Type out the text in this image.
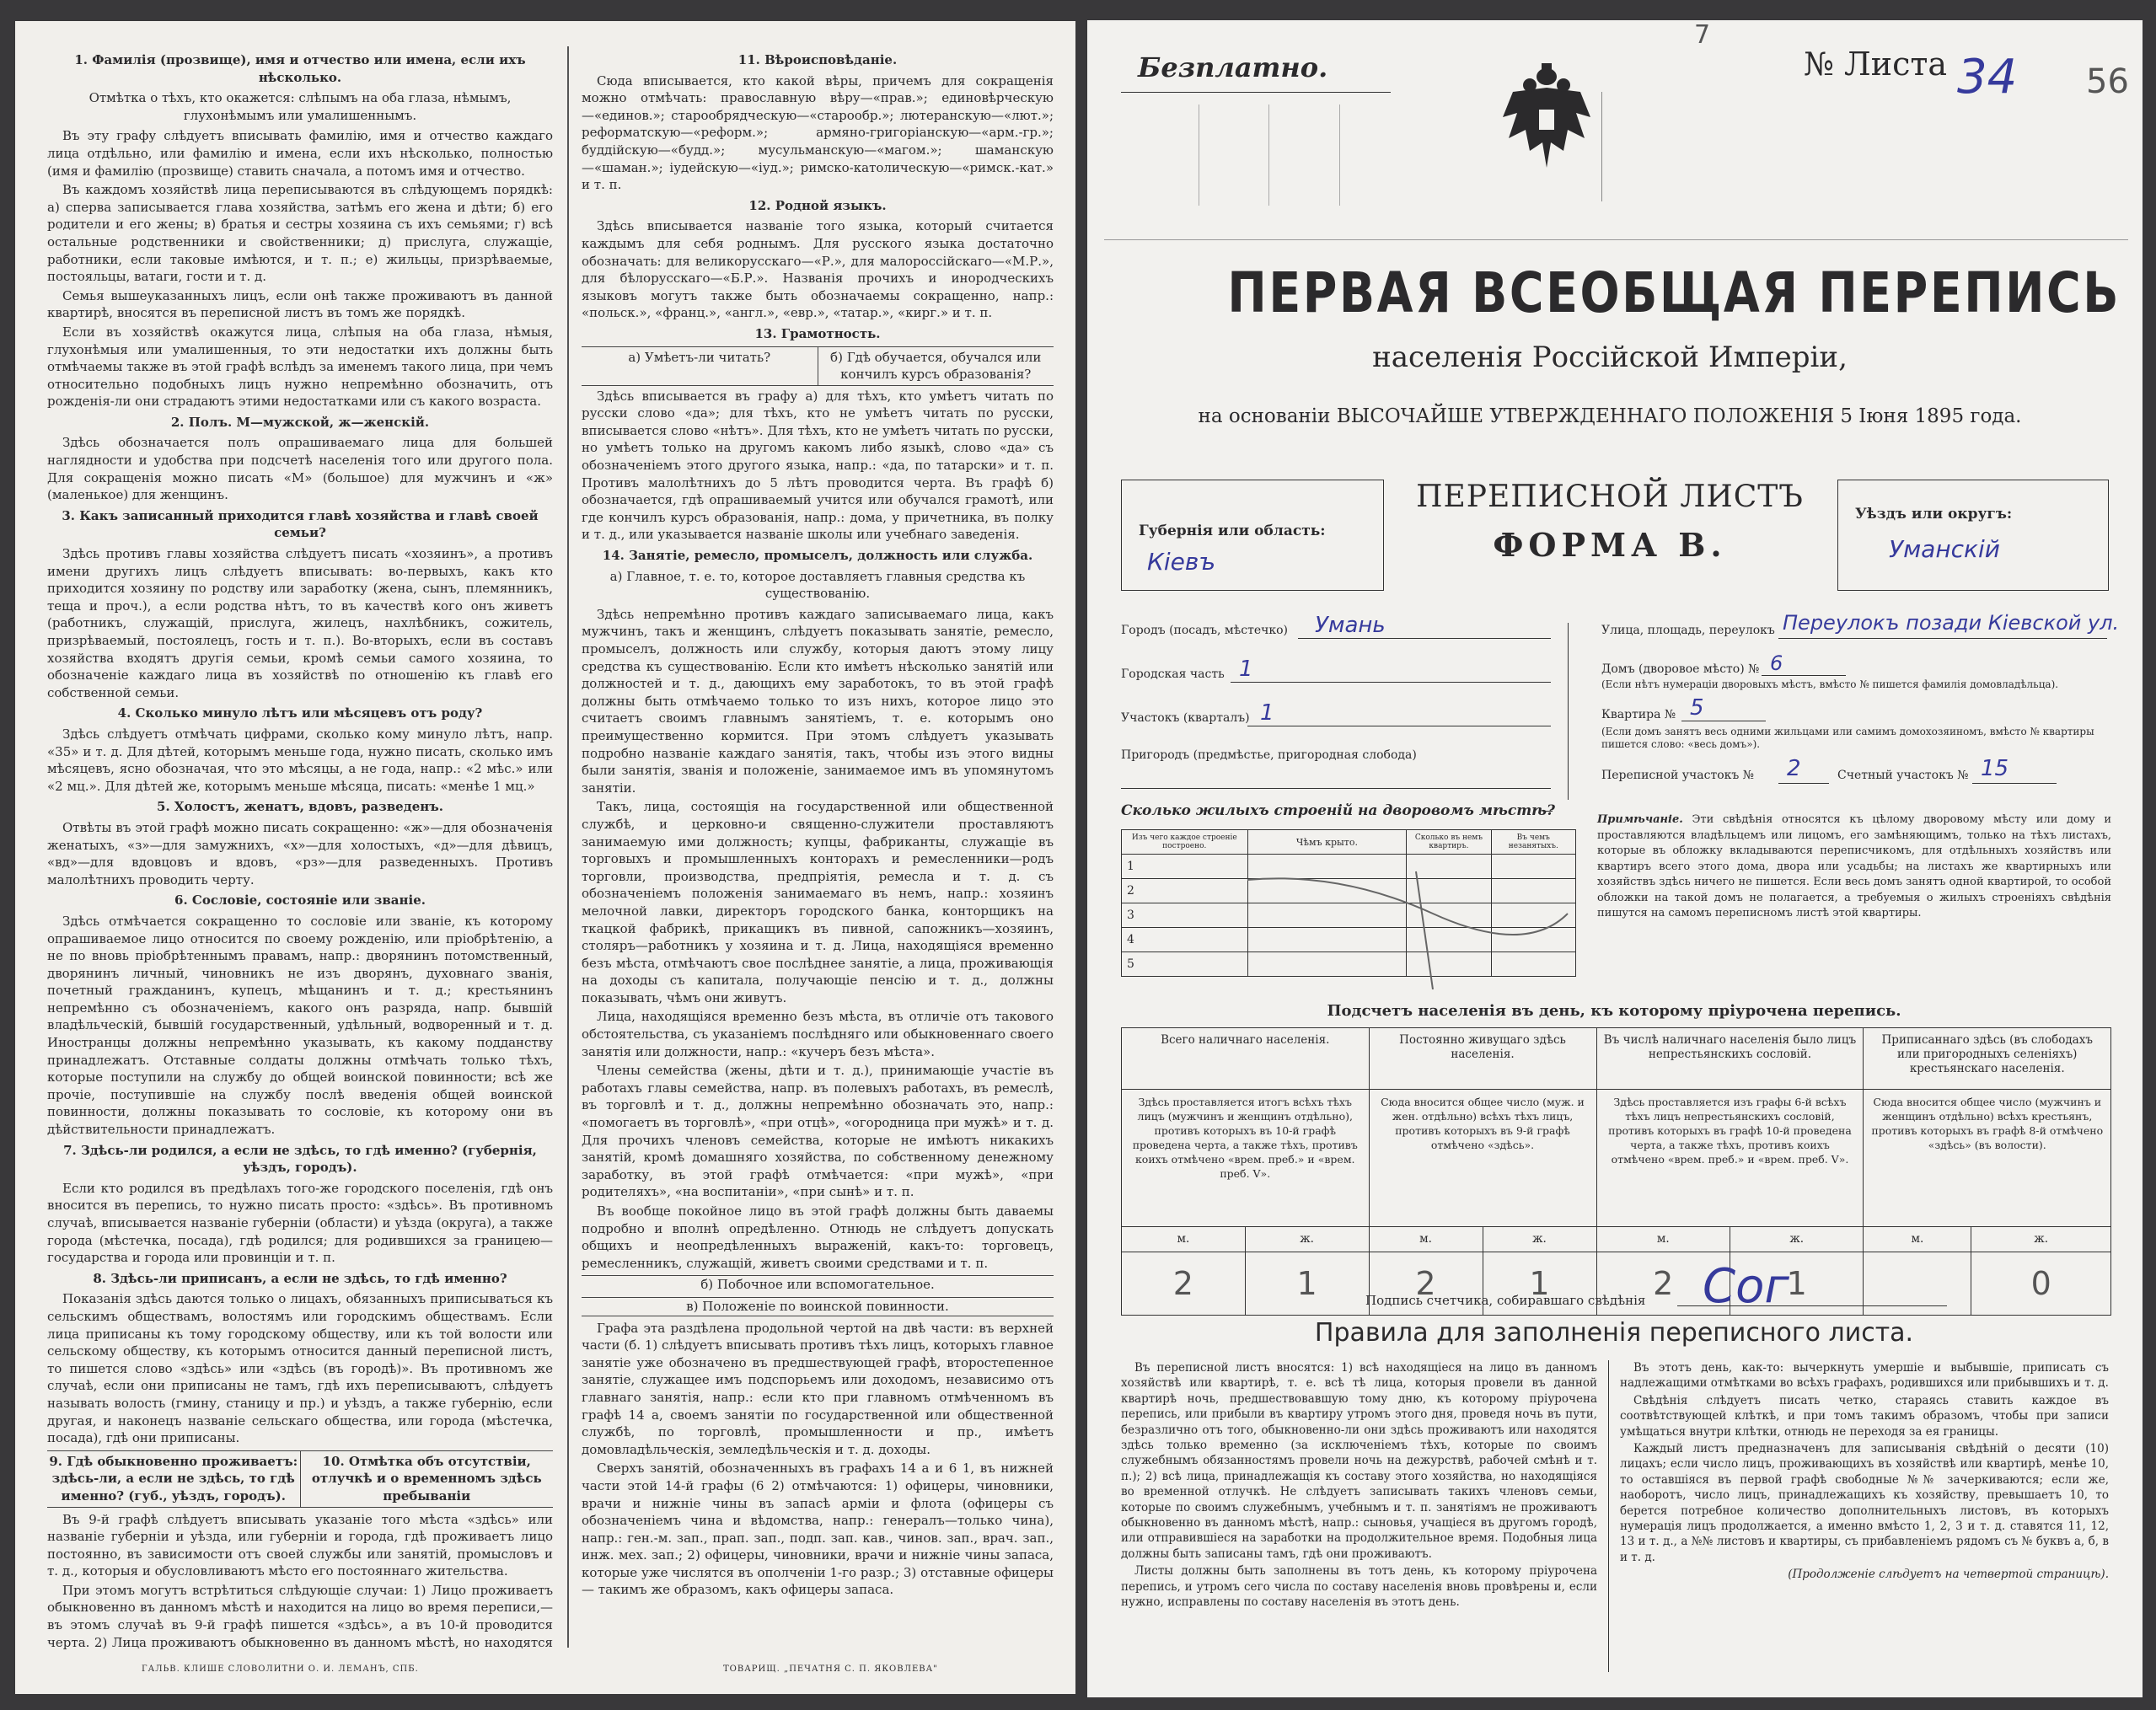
1. Фамилія (прозвище), имя и отчество или имена, если ихъ нѣсколько.

Отмѣтка о тѣхъ, кто окажется: слѣпымъ на оба глаза, нѣмымъ, глухонѣмымъ или умалишеннымъ.

Въ эту графу слѣдуетъ вписывать фамилію, имя и отчество каждаго лица отдѣльно, или фамилію и имена, если ихъ нѣсколько, полностью (имя и фамилію (прозвище) ставить сначала, а потомъ имя и отчество.

Въ каждомъ хозяйствѣ лица переписываются въ слѣдующемъ порядкѣ: а) сперва записывается глава хозяйства, затѣмъ его жена и дѣти; б) его родители и его жены; в) братья и сестры хозяина съ ихъ семьями; г) всѣ остальные родственники и свойственники; д) прислуга, служащіе, работники, если таковые имѣются, и т. п.; е) жильцы, призрѣваемые, постояльцы, ватаги, гости и т. д.

Семья вышеуказанныхъ лицъ, если онѣ также проживаютъ въ данной квартирѣ, вносятся въ переписной листъ въ томъ же порядкѣ.

Если въ хозяйствѣ окажутся лица, слѣпыя на оба глаза, нѣмыя, глухонѣмыя или умалишенныя, то эти недостатки ихъ должны быть отмѣчаемы также въ этой графѣ вслѣдъ за именемъ такого лица, при чемъ относительно подобныхъ лицъ нужно непремѣнно обозначить, отъ рожденія-ли они страдаютъ этими недостатками или съ какого возраста.

2. Полъ. М—мужской, ж—женскій.

Здѣсь обозначается полъ опрашиваемаго лица для большей наглядности и удобства при подсчетѣ населенія того или другого пола. Для сокращенія можно писать «М» (большое) для мужчинъ и «ж» (маленькое) для женщинъ.

3. Какъ записанный приходится главѣ хозяйства и главѣ своей семьи?

Здѣсь противъ главы хозяйства слѣдуетъ писать «хозяинъ», а противъ имени другихъ лицъ слѣдуетъ вписывать: во-первыхъ, какъ кто приходится хозяину по родству или заработку (жена, сынъ, племянникъ, теща и проч.), а если родства нѣтъ, то въ качествѣ кого онъ живетъ (работникъ, служащій, прислуга, жилецъ, нахлѣбникъ, сожитель, призрѣваемый, постоялецъ, гость и т. п.). Во-вторыхъ, если въ составъ хозяйства входятъ другія семьи, кромѣ семьи самого хозяина, то обозначеніе каждаго лица въ хозяйствѣ по отношенію къ главѣ его собственной семьи.

4. Сколько минуло лѣтъ или мѣсяцевъ отъ роду?

Здѣсь слѣдуетъ отмѣчать цифрами, сколько кому минуло лѣтъ, напр. «35» и т. д. Для дѣтей, которымъ меньше года, нужно писать, сколько имъ мѣсяцевъ, ясно обозначая, что это мѣсяцы, а не года, напр.: «2 мѣс.» или «2 мц.». Для дѣтей же, которымъ меньше мѣсяца, писать: «менѣе 1 мц.»

5. Холостъ, женатъ, вдовъ, разведенъ.

Отвѣты въ этой графѣ можно писать сокращенно: «ж»—для обозначенія женатыхъ, «з»—для замужнихъ, «х»—для холостыхъ, «д»—для дѣвицъ, «вд»—для вдовцовъ и вдовъ, «рз»—для разведенныхъ. Противъ малолѣтнихъ проводить черту.

6. Сословіе, состояніе или званіе.

Здѣсь отмѣчается сокращенно то сословіе или званіе, къ которому опрашиваемое лицо относится по своему рожденію, или пріобрѣтенію, а не по вновь пріобрѣтеннымъ правамъ, напр.: дворянинъ потомственный, дворянинъ личный, чиновникъ не изъ дворянъ, духовнаго званія, почетный гражданинъ, купецъ, мѣщанинъ и т. д.; крестьянинъ непремѣнно съ обозначеніемъ, какого онъ разряда, напр. бывшій владѣльческій, бывшій государственный, удѣльный, водворенный и т. д. Иностранцы должны непремѣнно указывать, къ какому подданству принадлежатъ. Отставные солдаты должны отмѣчать только тѣхъ, которые поступили на службу до общей воинской повинности; всѣ же прочіе, поступившіе на службу послѣ введенія общей воинской повинности, должны показывать то сословіе, къ которому они въ дѣйствительности принадлежатъ.

7. Здѣсь-ли родился, а если не здѣсь, то гдѣ именно? (губернія, уѣздъ, городъ).

Если кто родился въ предѣлахъ того-же городского поселенія, гдѣ онъ вносится въ перепись, то нужно писать просто: «здѣсь». Въ противномъ случаѣ, вписывается названіе губерніи (области) и уѣзда (округа), а также города (мѣстечка, посада), гдѣ родился; для родившихся за границею—государства и города или провинціи и т. п.

8. Здѣсь-ли приписанъ, а если не здѣсь, то гдѣ именно?

Показанія здѣсь даются только о лицахъ, обязанныхъ приписываться къ сельскимъ обществамъ, волостямъ или городскимъ обществамъ. Если лица приписаны къ тому городскому обществу, или къ той волости или сельскому обществу, къ которымъ относится данный переписной листъ, то пишется слово «здѣсь» или «здѣсь (въ городѣ)». Въ противномъ же случаѣ, если они приписаны не тамъ, гдѣ ихъ переписываютъ, слѣдуетъ называть волость (гмину, станицу и пр.) и уѣздъ, а также губернію, если другая, и наконецъ названіе сельскаго общества, или города (мѣстечка, посада), гдѣ они приписаны.

9. Гдѣ обыкновенно проживаетъ: здѣсь-ли, а если не здѣсь, то гдѣ именно? (губ., уѣздъ, городъ).
10. Отмѣтка объ отсутствіи, отлучкѣ и о временномъ здѣсь пребываніи

Въ 9-й графѣ слѣдуетъ вписывать указаніе того мѣста «здѣсь» или названіе губерніи и уѣзда, или губерніи и города, гдѣ проживаетъ лицо постоянно, въ зависимости отъ своей службы или занятій, промысловъ и т. д., которыя и обусловливаютъ мѣсто его постояннаго жительства.

При этомъ могутъ встрѣтиться слѣдующіе случаи: 1) Лицо проживаетъ обыкновенно въ данномъ мѣстѣ и находится на лицо во время переписи,—въ этомъ случаѣ въ 9-й графѣ пишется «здѣсь», а въ 10-й проводится черта. 2) Лица проживаютъ обыкновенно въ данномъ мѣстѣ, но находятся

11. Вѣроисповѣданіе.

Сюда вписывается, кто какой вѣры, причемъ для сокращенія можно отмѣчать: православную вѣру—«прав.»; единовѣрческую—«единов.»; старообрядческую—«старообр.»; лютеранскую—«лют.»; реформатскую—«реформ.»; армяно-григоріанскую—«арм.-гр.»; буддійскую—«будд.»; мусульманскую—«магом.»; шаманскую—«шаман.»; іудейскую—«іуд.»; римско-католическую—«римск.-кат.» и т. п.

12. Родной языкъ.

Здѣсь вписывается названіе того языка, который считается каждымъ для себя роднымъ. Для русского языка достаточно обозначать: для великорусскаго—«Р.», для малороссійскаго—«М.Р.», для бѣлорусскаго—«Б.Р.». Названія прочихъ и инородческихъ языковъ могутъ также быть обозначаемы сокращенно, напр.: «польск.», «франц.», «англ.», «евр.», «татар.», «кирг.» и т. п.

13. Грамотность.

а) Умѣетъ-ли читать?	б) Гдѣ обучается, обучался или кончилъ курсъ образованія?

Здѣсь вписывается въ графу а) для тѣхъ, кто умѣетъ читать по русски слово «да»; для тѣхъ, кто не умѣетъ читать по русски, вписывается слово «нѣтъ». Для тѣхъ, кто не умѣетъ читать по русски, но умѣетъ только на другомъ какомъ либо языкѣ, слово «да» съ обозначеніемъ этого другого языка, напр.: «да, по татарски» и т. п. Противъ малолѣтнихъ до 5 лѣтъ проводится черта. Въ графѣ б) обозначается, гдѣ опрашиваемый учится или обучался грамотѣ, или где кончилъ курсъ образованія, напр.: дома, у причетника, въ полку и т. д., или указывается названіе школы или учебнаго заведенія.

14. Занятіе, ремесло, промыселъ, должность или служба.

а) Главное, т. е. то, которое доставляетъ главныя средства къ существованію.

Здѣсь непремѣнно противъ каждаго записываемаго лица, какъ мужчинъ, такъ и женщинъ, слѣдуетъ показывать занятіе, ремесло, промыселъ, должность или службу, которыя даютъ этому лицу средства къ существованію. Если кто имѣетъ нѣсколько занятій или должностей и т. д., дающихъ ему заработокъ, то въ этой графѣ должны быть отмѣчаемо только то изъ нихъ, которое лицо это считаетъ своимъ главнымъ занятіемъ, т. е. которымъ оно преимущественно кормится. При этомъ слѣдуетъ указывать подробно названіе каждаго занятія, такъ, чтобы изъ этого видны были занятія, званія и положеніе, занимаемое имъ въ упомянутомъ занятіи.

Такъ, лица, состоящія на государственной или общественной службѣ, и церковно-и священно-служители проставляютъ занимаемую ими должность; купцы, фабриканты, служащіе въ торговыхъ и промышленныхъ конторахъ и ремесленники—родъ торговли, производства, предпріятія, ремесла и т. д. съ обозначеніемъ положенія занимаемаго въ немъ, напр.: хозяинъ мелочной лавки, директоръ городского банка, конторщикъ на ткацкой фабрикѣ, прикащикъ въ пивной, сапожникъ—хозяинъ, столяръ—работникъ у хозяина и т. д. Лица, находящіяся временно безъ мѣста, отмѣчаютъ свое послѣднее занятіе, а лица, проживающія на доходы съ капитала, получающіе пенсію и т. д., должны показывать, чѣмъ они живутъ.

Лица, находящіяся временно безъ мѣста, въ отличіе отъ такового обстоятельства, съ указаніемъ послѣдняго или обыкновеннаго своего занятія или должности, напр.: «кучеръ безъ мѣста».

Члены семейства (жены, дѣти и т. д.), принимающіе участіе въ работахъ главы семейства, напр. въ полевыхъ работахъ, въ ремеслѣ, въ торговлѣ и т. д., должны непремѣнно обозначать это, напр.: «помогаетъ въ торговлѣ», «при отцѣ», «огородница при мужѣ» и т. д. Для прочихъ членовъ семейства, которые не имѣютъ никакихъ занятій, кромѣ домашняго хозяйства, по собственному денежному заработку, въ этой графѣ отмѣчается: «при мужѣ», «при родителяхъ», «на воспитаніи», «при сынѣ» и т. п.

Въ вообще покойное лицо въ этой графѣ должны быть даваемы подробно и вполнѣ опредѣленно. Отнюдь не слѣдуетъ допускать общихъ и неопредѣленныхъ выраженій, какъ-то: торговецъ, ремесленникъ, служащій, живетъ своими средствами и т. п.

б) Побочное или вспомогательное.

в) Положеніе по воинской повинности.

Графа эта раздѣлена продольной чертой на двѣ части: въ верхней части (б. 1) слѣдуетъ вписывать противъ тѣхъ лицъ, которыхъ главное занятіе уже обозначено въ предшествующей графѣ, второстепенное занятіе, служащее имъ подспорьемъ или доходомъ, независимо отъ главнаго занятія, напр.: если кто при главномъ отмѣченномъ въ графѣ 14 а, своемъ занятіи по государственной или общественной службѣ, по торговлѣ, промышленности и пр., имѣетъ домовладѣльческія, земледѣльческія и т. д. доходы.

Сверхъ занятій, обозначенныхъ въ графахъ 14 а и 6 1, въ нижней части этой 14-й графы (6 2) отмѣчаются: 1) офицеры, чиновники, врачи и нижніе чины въ запасѣ армiи и флота (офицеры съ обозначеніемъ чина и вѣдомства, напр.: генералъ—только чина), напр.: ген.-м. зап., прап. зап., подп. зап. кав., чинов. зап., врач. зап., инж. мех. зап.; 2) офицеры, чиновники, врачи и нижніе чины запаса, которые уже числятся въ ополченіи 1-го разр.; 3) отставные офицеры — такимъ же образомъ, какъ офицеры запаса.

ГАЛЬВ. КЛИШЕ СЛОВОЛИТНИ О. И. ЛЕМАНЪ, СПБ.	ТОВАРИЩ. „ПЕЧАТНЯ С. П. ЯКОВЛЕВА"
Безплатно.	№ Листа 34 56
7
ПЕРВАЯ ВСЕОБЩАЯ ПЕРЕПИСЬ
населенія Россійской Имперіи,
на основаніи ВЫСОЧАЙШЕ УТВЕРЖДЕННАГО ПОЛОЖЕНІЯ 5 Іюня 1895 года.
Губернія или область:
Кіевъ
ПЕРЕПИСНОЙ ЛИСТЪ
ФОРМА В.
Уѣздъ или округъ:
Уманскій
Городъ (посадъ, мѣстечко) Умань
Городская часть 1
Участокъ (кварталъ) 1
Пригородъ (предмѣстье, пригородная слобода)
Улица, площадь, переулокъ Переулокъ позади Кіевской ул.
Домъ (дворовое мѣсто) № 6
(Если нѣтъ нумераціи дворовыхъ мѣстъ, вмѣсто № пишется фамилія домовладѣльца).
Квартира № 5
(Если домъ занятъ весь одними жильцами или самимъ домохозяиномъ, вмѣсто № квартиры пишется слово: «весь домъ»).
Переписной участокъ № 2	Счетный участокъ № 15
Сколько жилыхъ строеній на дворовомъ мѣстѣ?
Изъ чего каждое строеніе построено.	Чѣмъ крыто.	Сколько въ немъ квартиръ.	Въ чемъ незанятыхъ.
1			
2			
3			
4			
5			
Примѣчаніе. Эти свѣдѣнія относятся къ цѣлому дворовому мѣсту или дому и проставляются владѣльцемъ или лицомъ, его замѣняющимъ, только на тѣхъ листахъ, которые въ обложку вкладываются переписчикомъ, для отдѣльныхъ хозяйствъ или квартиръ всего этого дома, двора или усадьбы; на листахъ же квартирныхъ или хозяйствъ здѣсь ничего не пишется. Если весь домъ занятъ одной квартирой, то особой обложки на такой домъ не полагается, а требуемыя о жилыхъ строеніяхъ свѣдѣнія пишутся на самомъ переписномъ листѣ этой квартиры.
Подсчетъ населенія въ день, къ которому пріурочена перепись.
Всего наличнаго населенія.		Постоянно живущаго здѣсь населенія.		Въ числѣ наличнаго населенія было лицъ непрестьянскихъ сословій.		Приписаннаго здѣсь (въ слободахъ или пригородныхъ селеніяхъ) крестьянскаго населенія.	
Здѣсь проставляется итогъ всѣхъ тѣхъ лицъ (мужчинъ и женщинъ отдѣльно), противъ которыхъ въ 10-й графѣ проведена черта, а также тѣхъ, противъ коихъ отмѣчено «врем. преб.» и «врем. преб. V».		Сюда вносится общее число (муж. и жен. отдѣльно) всѣхъ тѣхъ лицъ, противъ которыхъ въ 9-й графѣ отмѣчено «здѣсь».		Здѣсь проставляется изъ графы 6-й всѣхъ тѣхъ лицъ непрестьянскихъ сословій, противъ которыхъ въ графѣ 10-й проведена черта, а также тѣхъ, противъ коихъ отмѣчено «врем. преб.» и «врем. преб. V».		Сюда вносится общее число (мужчинъ и женщинъ отдѣльно) всѣхъ крестьянъ, противъ которыхъ въ графѣ 8-й отмѣчено «здѣсь» (въ волости).	
м.	ж.	м.	ж.	м.	ж.	м.	ж.
2	1	2	1	2	1		0
Подпись счетчика, собиравшаго свѣдѣнія Сог
Правила для заполненія переписного листа.

Въ переписной листъ вносятся: 1) всѣ находящіеся на лицо въ данномъ хозяйствѣ или квартирѣ, т. е. всѣ тѣ лица, которыя провели въ данной квартирѣ ночь, предшествовавшую тому дню, къ которому пріурочена перепись, или прибыли въ квартиру утромъ этого дня, проведя ночь въ пути, безразлично отъ того, обыкновенно-ли они здѣсь проживаютъ или находятся здѣсь только временно (за исключеніемъ тѣхъ, которые по своимъ служебнымъ обязанностямъ провели ночь на дежурствѣ, рабочей смѣнѣ и т. п.); 2) всѣ лица, принадлежащія къ составу этого хозяйства, но находящіяся во временной отлучкѣ. Не слѣдуетъ записывать такихъ членовъ семьи, которые по своимъ служебнымъ, учебнымъ и т. п. занятіямъ не проживаютъ обыкновенно въ данномъ мѣстѣ, напр.: сыновья, учащіеся въ другомъ городѣ, или отправившіеся на заработки на продолжительное время. Подобныя лица должны быть записаны тамъ, гдѣ они проживаютъ.

Листы должны быть заполнены въ тотъ день, къ которому пріурочена перепись, и утромъ сего числа по составу населенія вновь провѣрены и, если нужно, исправлены по составу населенія въ этотъ день.

Въ этотъ день, как-то: вычеркнуть умершіе и выбывшіе, приписать съ надлежащими отмѣтками во всѣхъ графахъ, родившихся или прибывшихъ и т. д.

Свѣдѣнія слѣдуетъ писать четко, стараясь ставить каждое въ соотвѣтствующей клѣткѣ, и при томъ такимъ образомъ, чтобы при записи умѣщаться внутри клѣтки, отнюдь не переходя за ея границы.

Каждый листъ предназначенъ для записыванія свѣдѣній о десяти (10) лицахъ; если число лицъ, проживающихъ въ хозяйствѣ или квартирѣ, менѣе 10, то оставшіяся въ первой графѣ свободные №№ зачеркиваются; если же, наоборотъ, число лицъ, принадлежащихъ къ хозяйству, превышаетъ 10, то берется потребное количество дополнительныхъ листовъ, въ которыхъ нумерація лицъ продолжается, а именно вмѣсто 1, 2, 3 и т. д. ставятся 11, 12, 13 и т. д., а №№ листовъ и квартиры, съ прибавленіемъ рядомъ съ № буквъ а, б, в и т. д.

(Продолженіе слѣдуетъ на четвертой страницѣ).
